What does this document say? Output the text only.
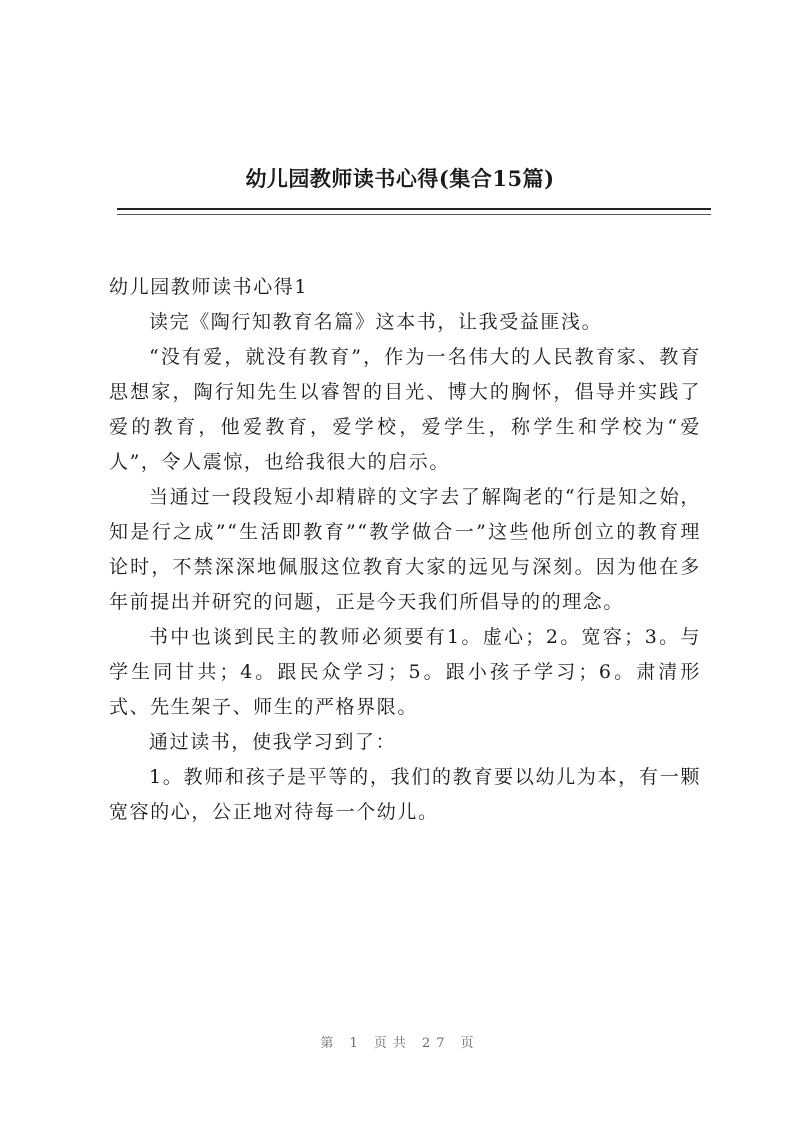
幼儿园教师读书心得(集合15篇)

幼儿园教师读书心得1

读完《陶行知教育名篇》这本书，让我受益匪浅。

“没有爱，就没有教育”，作为一名伟大的人民教育家、教育思想家，陶行知先生以睿智的目光、博大的胸怀，倡导并实践了爱的教育，他爱教育，爱学校，爱学生，称学生和学校为“爱人”，令人震惊，也给我很大的启示。

当通过一段段短小却精辟的文字去了解陶老的“行是知之始，知是行之成”“生活即教育”“教学做合一”这些他所创立的教育理论时，不禁深深地佩服这位教育大家的远见与深刻。因为他在多年前提出并研究的问题，正是今天我们所倡导的的理念。

书中也谈到民主的教师必须要有1。虚心；2。宽容；3。与学生同甘共；4。跟民众学习；5。跟小孩子学习；6。肃清形式、先生架子、师生的严格界限。

通过读书，使我学习到了：

1。教师和孩子是平等的，我们的教育要以幼儿为本，有一颗宽容的心，公正地对待每一个幼儿。

第 1 页共 27 页
